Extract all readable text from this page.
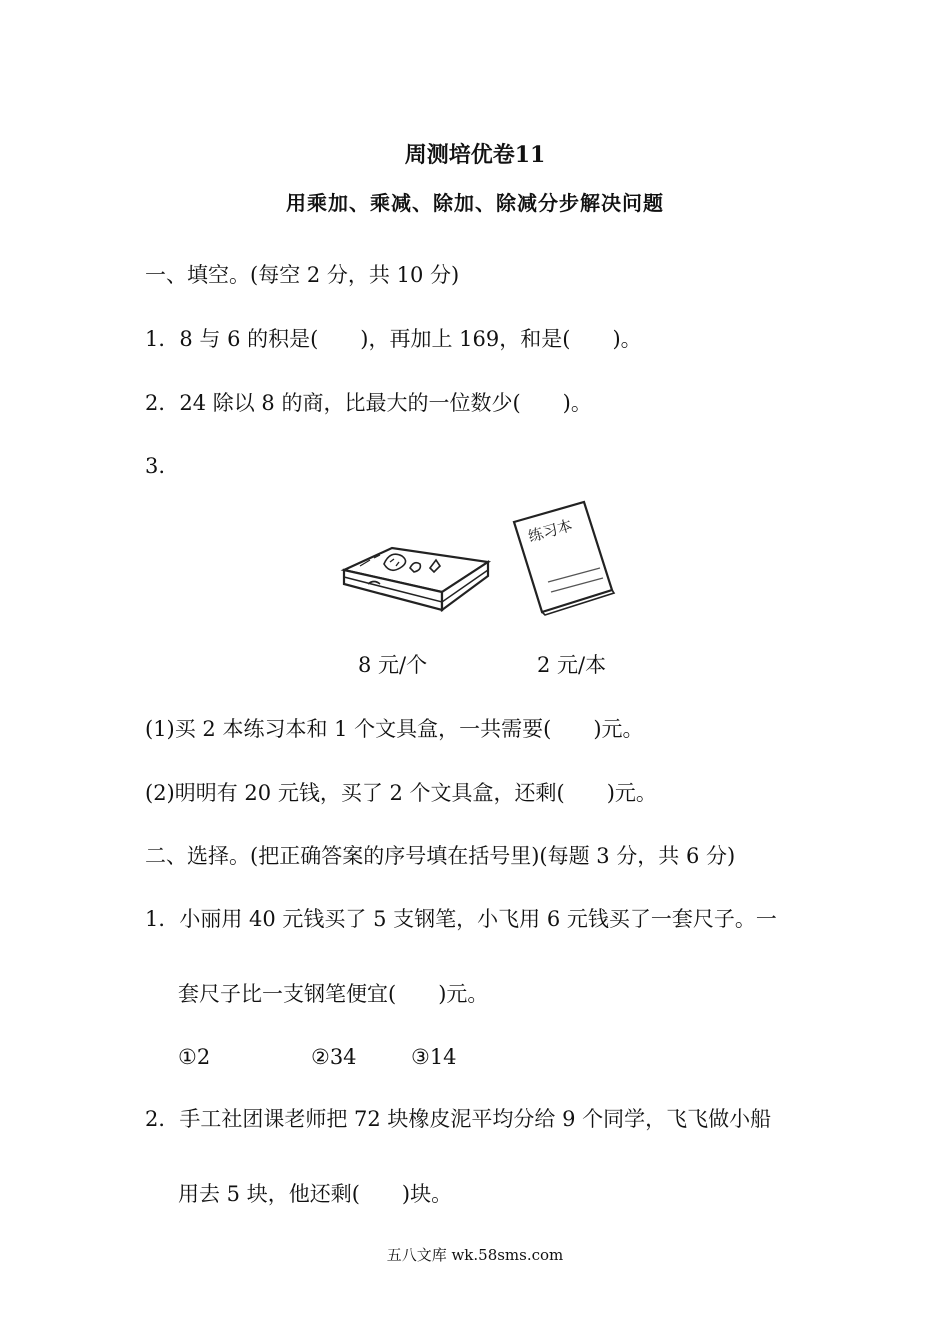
周测培优卷11
用乘加、乘减、除加、除减分步解决问题
一、填空。(每空 2 分，共 10 分)
1．8 与 6 的积是(　　)，再加上 169，和是(　　)。
2．24 除以 8 的商，比最大的一位数少(　　)。
3.
练习本
8 元/个	2 元/本
(1)买 2 本练习本和 1 个文具盒，一共需要(　　)元。
(2)明明有 20 元钱，买了 2 个文具盒，还剩(　　)元。
二、选择。(把正确答案的序号填在括号里)(每题 3 分，共 6 分)
1．小丽用 40 元钱买了 5 支钢笔，小飞用 6 元钱买了一套尺子。一
套尺子比一支钢笔便宜(　　)元。
①2	②34	③14
2．手工社团课老师把 72 块橡皮泥平均分给 9 个同学，飞飞做小船
用去 5 块，他还剩(　　)块。
五八文库 wk.58sms.com
